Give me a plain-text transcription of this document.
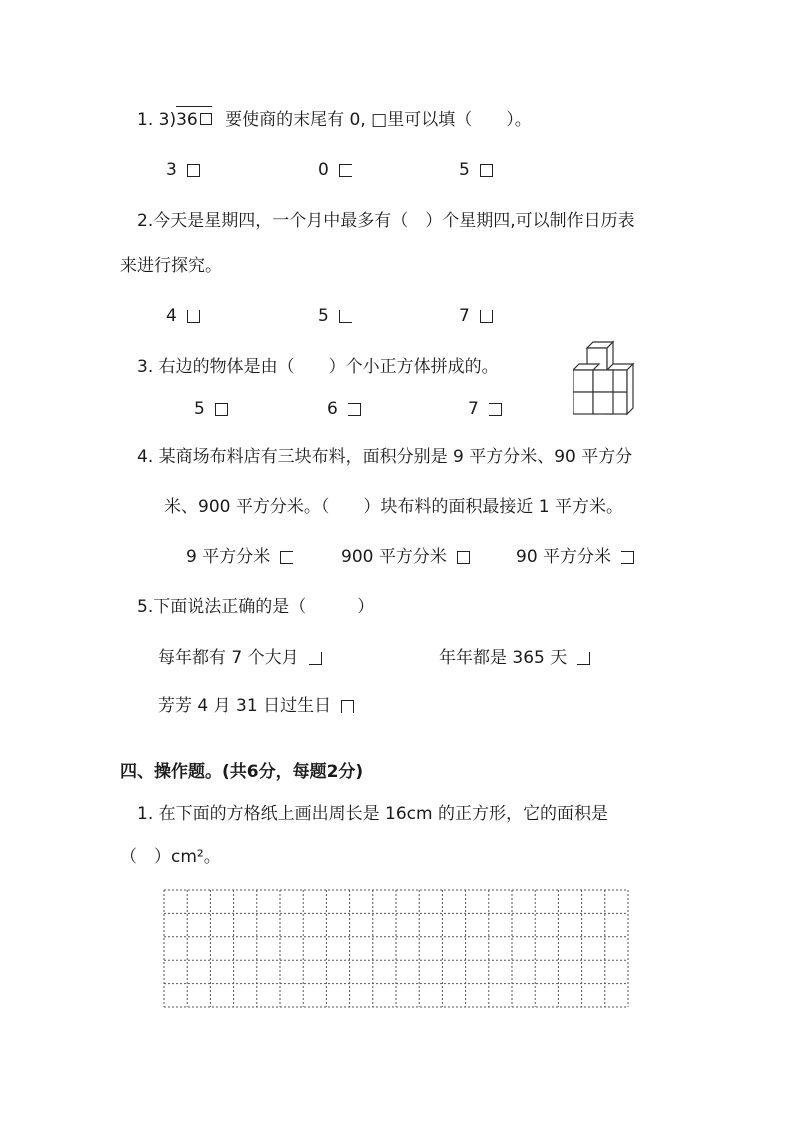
1. 3)36 要使商的末尾有 0, □里可以填（　　）。
3	0	5
2.今天是星期四，一个月中最多有（　）个星期四,可以制作日历表
来进行探究。
4	5	7
3. 右边的物体是由（　　）个小正方体拼成的。
5	6	7
4. 某商场布料店有三块布料，面积分别是 9 平方分米、90 平方分
米、900 平方分米。（　　）块布料的面积最接近 1 平方米。
9 平方分米	900 平方分米	90 平方分米
5.下面说法正确的是（　　　）
每年都有 7 个大月	年年都是 365 天
芳芳 4 月 31 日过生日
四、操作题。(共6分，每题2分)
1. 在下面的方格纸上画出周长是 16cm 的正方形，它的面积是
（　）cm²。
